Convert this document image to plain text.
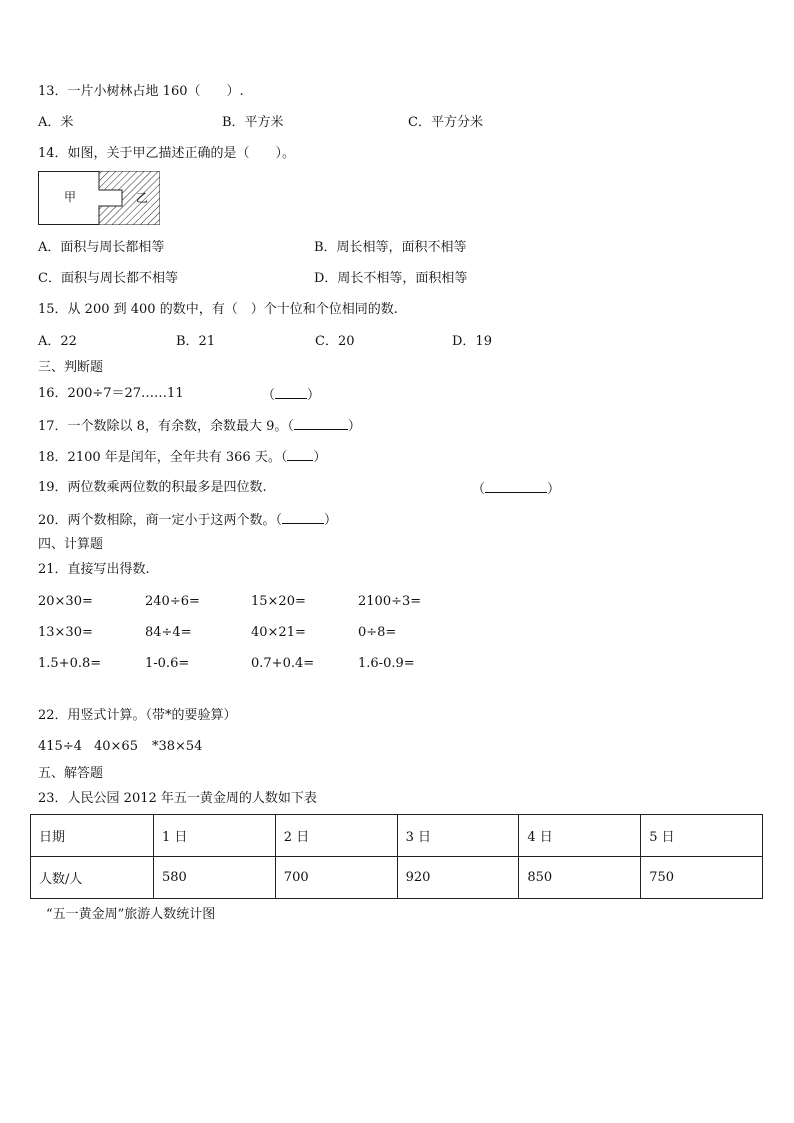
13．一片小树林占地 160（　　）.
A．米	B．平方米	C．平方分米
14．如图，关于甲乙描述正确的是（　　）。
甲	乙
A．面积与周长都相等	B．周长相等，面积不相等
C．面积与周长都不相等	D．周长不相等，面积相等
15．从 200 到 400 的数中，有（　）个十位和个位相同的数.
A．22	B．21	C．20	D．19
三、判断题
16．200÷7＝27……11	（ ）
17．一个数除以 8，有余数，余数最大 9。（	）
18．2100 年是闰年，全年共有 366 天。（ ）
19．两位数乘两位数的积最多是四位数.	（	）
20．两个数相除，商一定小于这两个数。（	）
四、计算题
21．直接写出得数.
20×30=	240÷6=	15×20=	2100÷3=
13×30=	84÷4=	40×21=	0÷8=
1.5+0.8=	1-0.6=	0.7+0.4=	1.6-0.9=
22．用竖式计算。（带*的要验算）
415÷4 40×65 *38×54
五、解答题
23．人民公园 2012 年五一黄金周的人数如下表
日期	1 日	2 日	3 日	4 日	5 日
人数/人	580	700	920	850	750
“五一黄金周”旅游人数统计图
